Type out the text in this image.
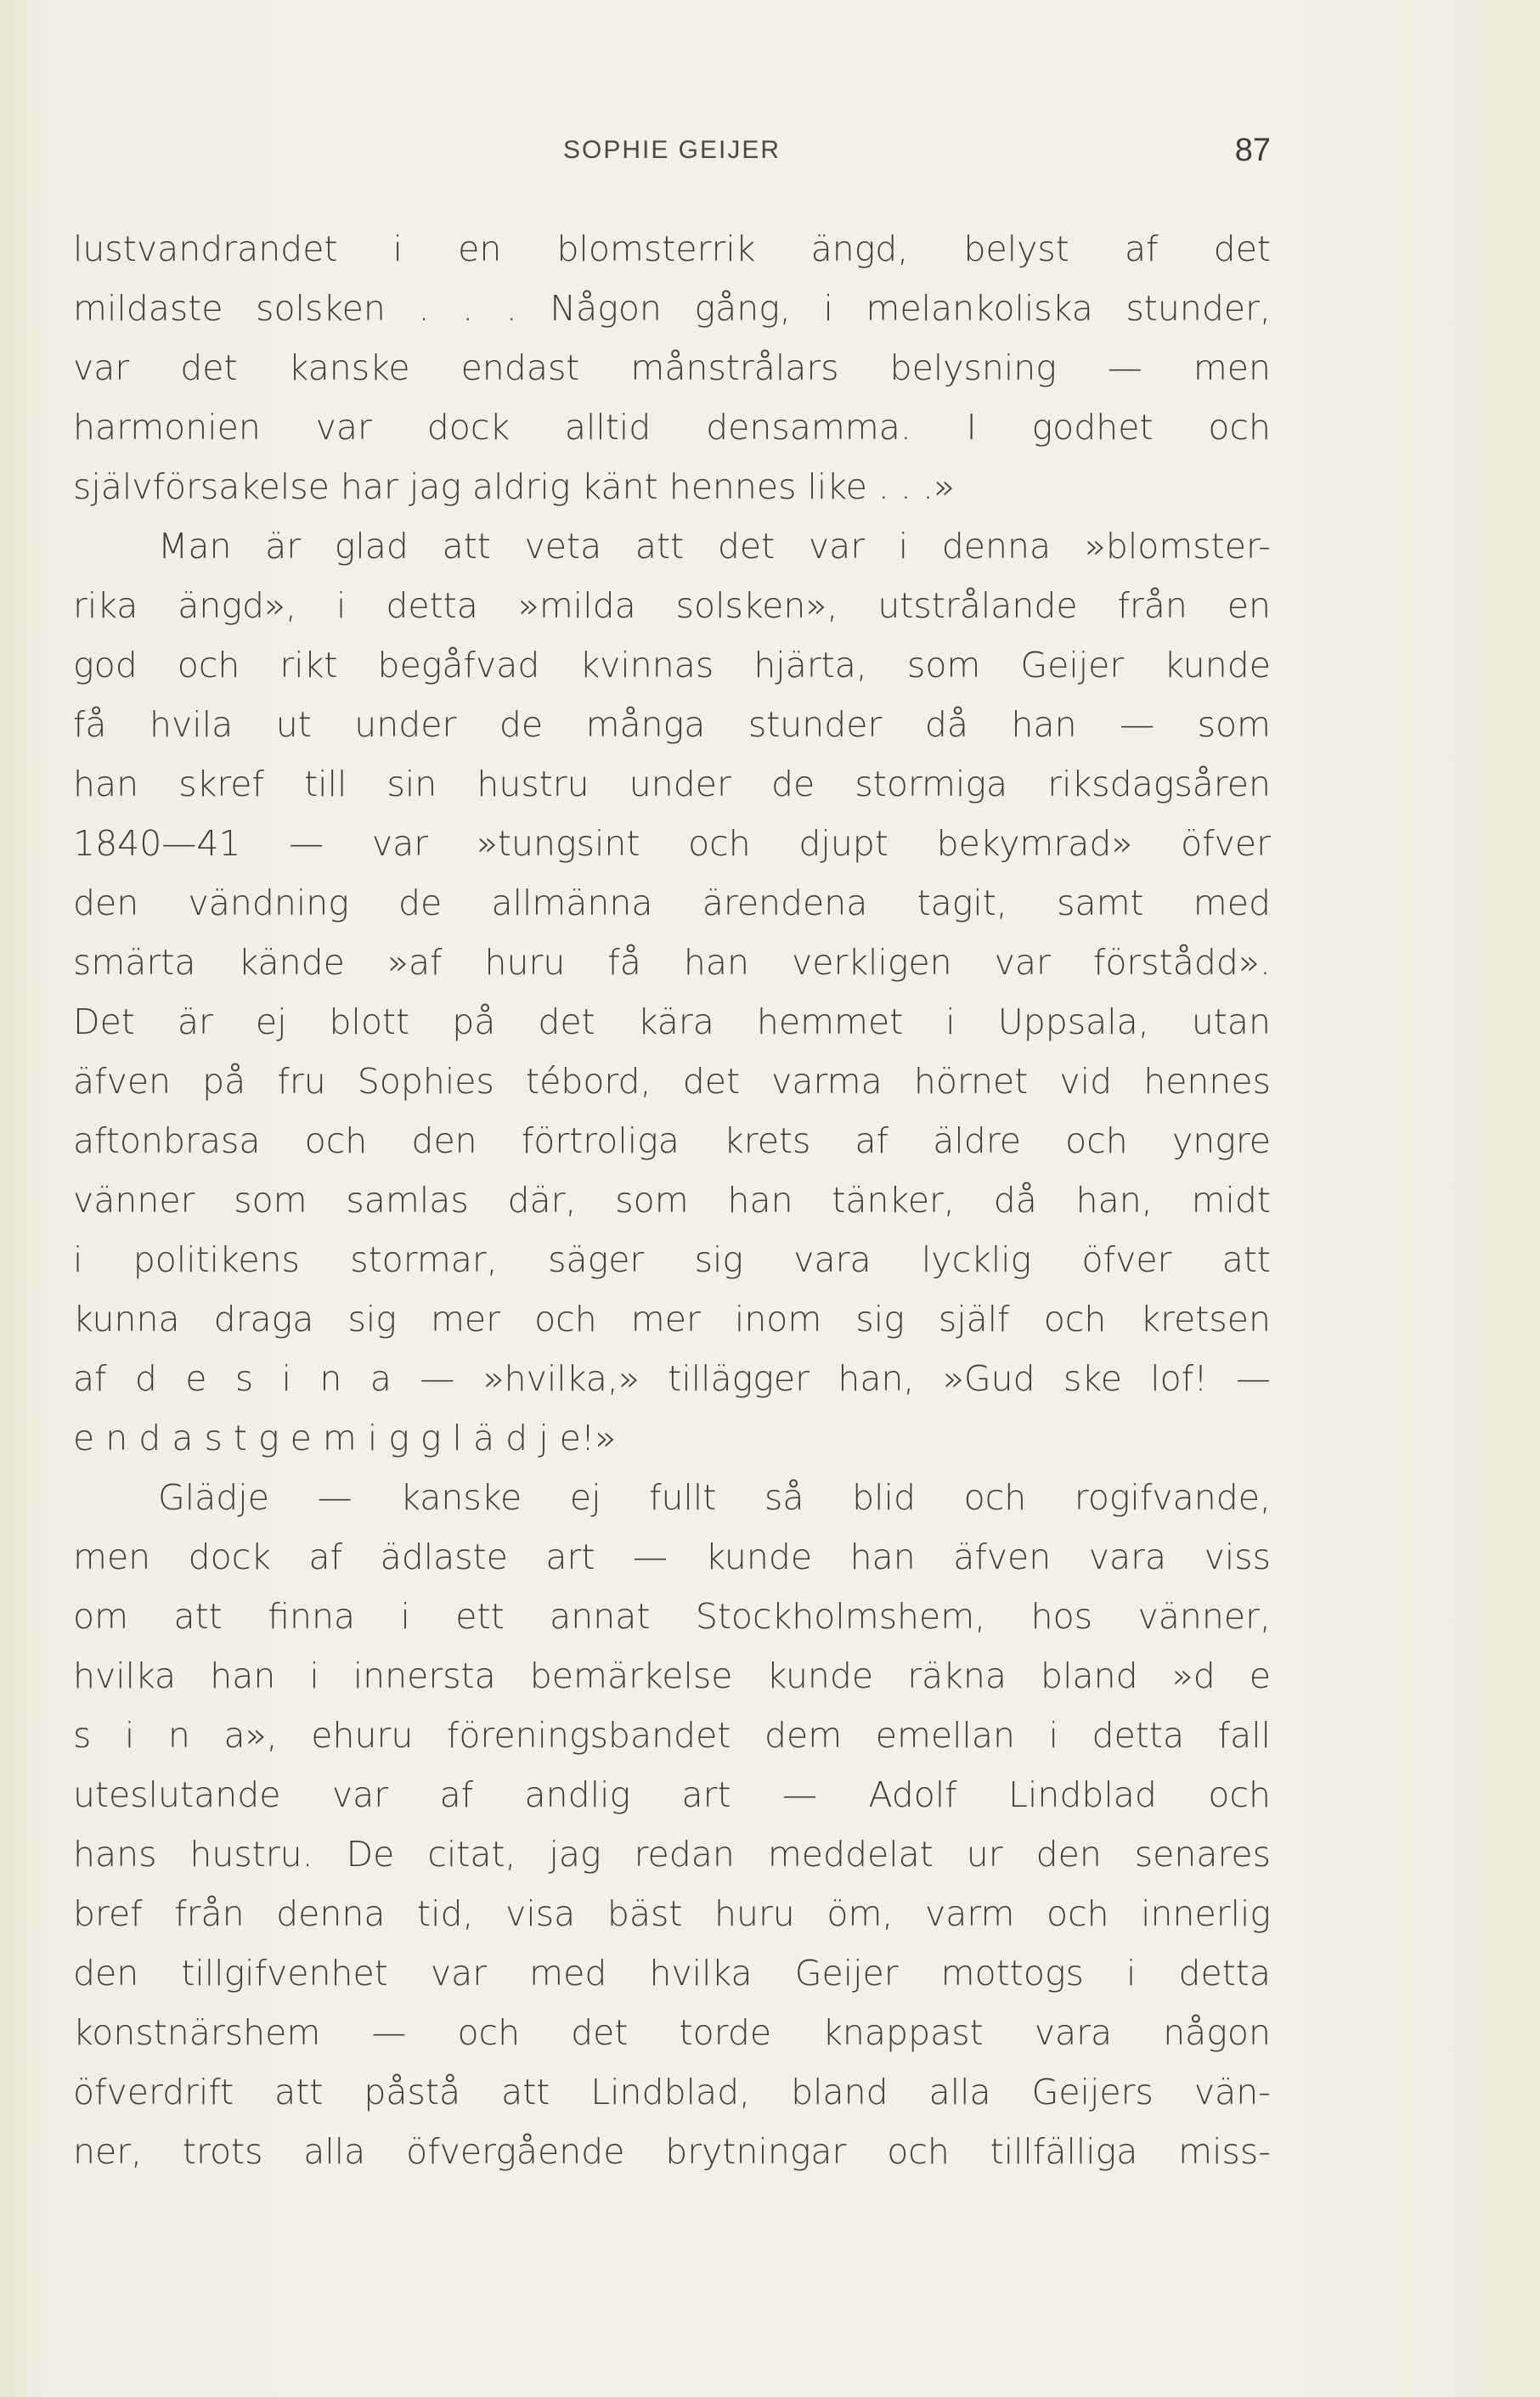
SOPHIE GEIJER	87
lustvandrandet i en blomsterrik ängd, belyst af det
mildaste solsken . . . Någon gång, i melankoliska stunder,
var det kanske endast månstrålars belysning — men
harmonien var dock alltid densamma. I godhet och
självförsakelse har jag aldrig känt hennes like . . .»
Man är glad att veta att det var i denna »blomster-
rika ängd», i detta »milda solsken», utstrålande från en
god och rikt begåfvad kvinnas hjärta, som Geijer kunde
få hvila ut under de många stunder då han — som
han skref till sin hustru under de stormiga riksdagsåren
1840—41 — var »tungsint och djupt bekymrad» öfver
den vändning de allmänna ärendena tagit, samt med
smärta kände »af huru få han verkligen var förstådd».
Det är ej blott på det kära hemmet i Uppsala, utan
äfven på fru Sophies tébord, det varma hörnet vid hennes
aftonbrasa och den förtroliga krets af äldre och yngre
vänner som samlas där, som han tänker, då han, midt
i politikens stormar, säger sig vara lycklig öfver att
kunna draga sig mer och mer inom sig själf och kretsen
af d e s i n a — »hvilka,» tillägger han, »Gud ske lof! —
e n d a s t g e m i g g l ä d j e!»
Glädje — kanske ej fullt så blid och rogifvande,
men dock af ädlaste art — kunde han äfven vara viss
om att finna i ett annat Stockholmshem, hos vänner,
hvilka han i innersta bemärkelse kunde räkna bland »d e
s i n a», ehuru föreningsbandet dem emellan i detta fall
uteslutande var af andlig art — Adolf Lindblad och
hans hustru. De citat, jag redan meddelat ur den senares
bref från denna tid, visa bäst huru öm, varm och innerlig
den tillgifvenhet var med hvilka Geijer mottogs i detta
konstnärshem — och det torde knappast vara någon
öfverdrift att påstå att Lindblad, bland alla Geijers vän-
ner, trots alla öfvergående brytningar och tillfälliga miss-
